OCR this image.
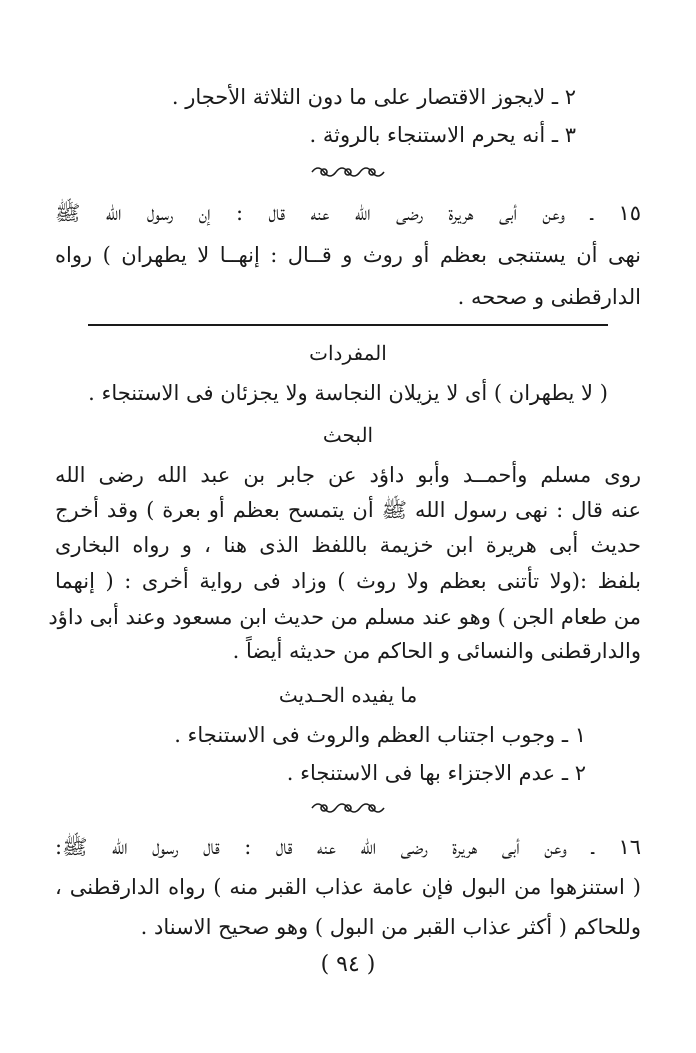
٢ ـ لايجوز الاقتصار على ما دون الثلاثة الأحجار .
٣ ـ أنه يحرم الاستنجاء بالروثة .
١٥ ـ وعن أبى هريرة رضى الله عنه قال : إن رسول الله ﷺ
نهى أن يستنجى بعظم أو روث و قــال : إنهــا لا يطهران ) رواه
الدارقطنى و صححه .
المفردات
( لا يطهران ) أى لا يزيلان النجاسة ولا يجزئان فى الاستنجاء .
البحث
روى مسلم وأحمــد وأبو داؤد عن جابر بن عبد الله رضى الله
عنه قال : نهى رسول الله ﷺ أن يتمسح بعظم أو بعرة ) وقد أخرج
حديث أبى هريرة ابن خزيمة باللفظ الذى هنا ، و رواه البخارى
بلفظ :(ولا تأتنى بعظم ولا روث ) وزاد فى رواية أخرى : ( إنهما
من طعام الجن ) وهو عند مسلم من حديث ابن مسعود وعند أبى داؤد
والدارقطنى والنسائى و الحاكم من حديثه أيضاً .
ما يفيده الحـديث
١ ـ وجوب اجتناب العظم والروث فى الاستنجاء .
٢ ـ عدم الاجتزاء بها فى الاستنجاء .
١٦ ـ وعن أبى هريرة رضى الله عنه قال : قال رسول الله ﷺ:
( استنزهوا من البول فإن عامة عذاب القبر منه ) رواه الدارقطنى ،
وللحاكم ( أكثر عذاب القبر من البول ) وهو صحيح الاسناد .
( ٩٤ )
